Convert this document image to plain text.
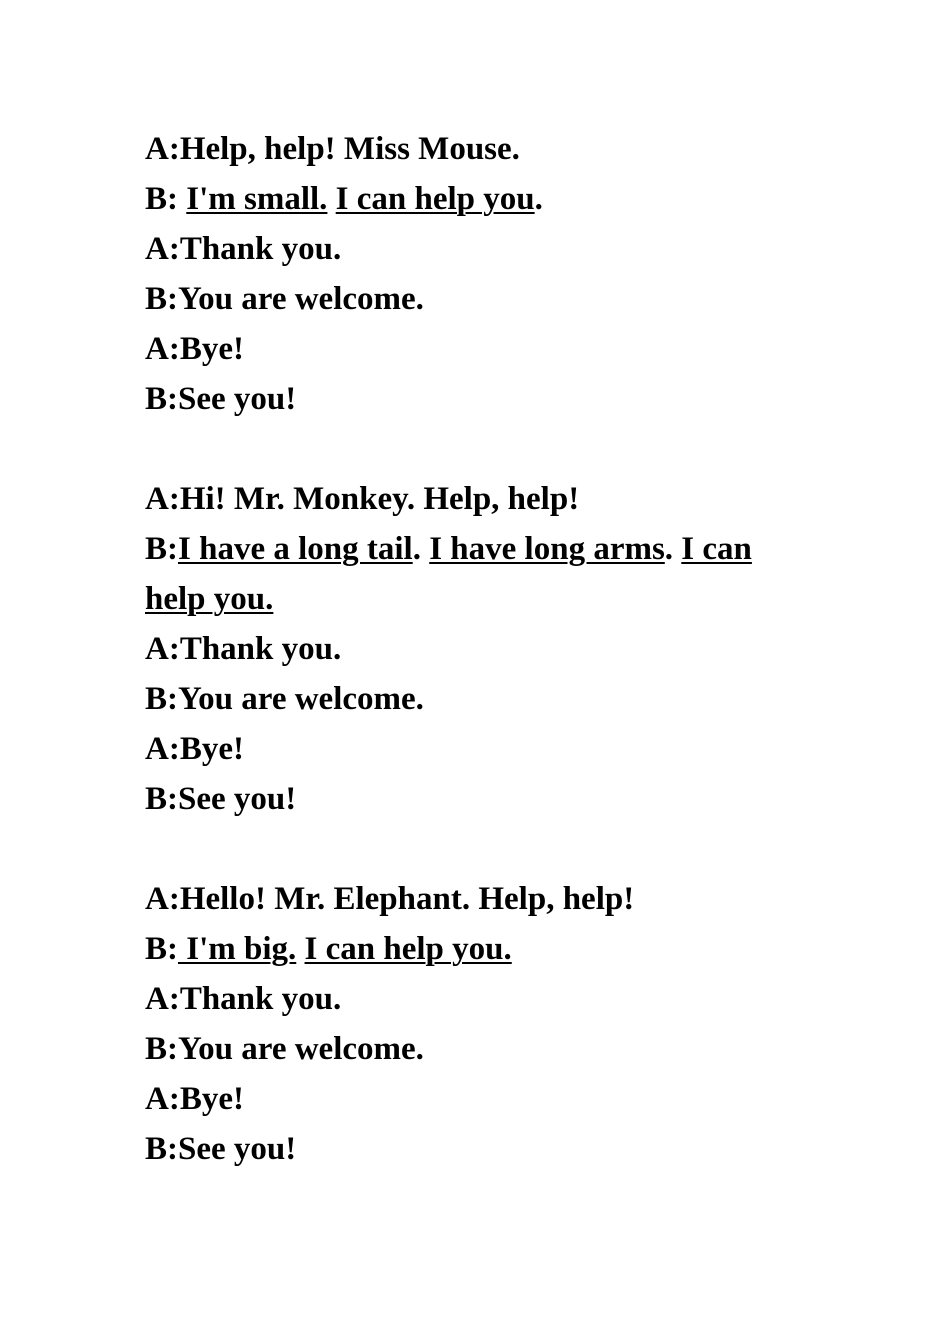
A:Help, help! Miss Mouse.
B: I'm small. I can help you.
A:Thank you.
B:You are welcome.
A:Bye!
B:See you!
A:Hi! Mr. Monkey. Help, help!
B:I have a long tail. I have long arms. I can
help you.
A:Thank you.
B:You are welcome.
A:Bye!
B:See you!
A:Hello! Mr. Elephant. Help, help!
B: I'm big. I can help you.
A:Thank you.
B:You are welcome.
A:Bye!
B:See you!
